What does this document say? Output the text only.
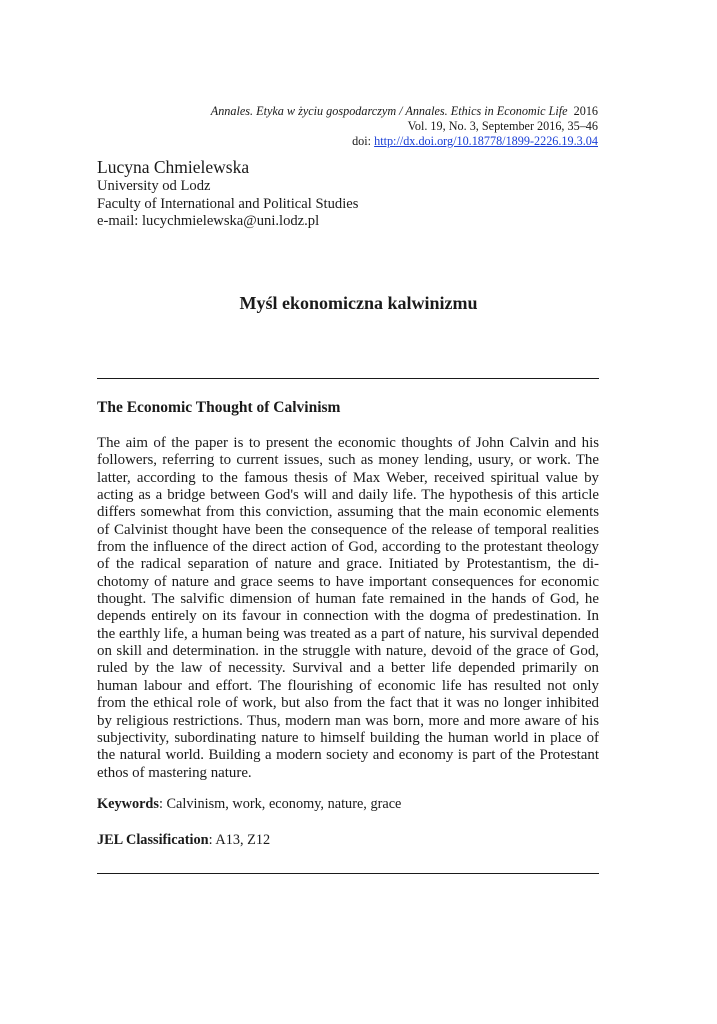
Annales. Etyka w życiu gospodarczym / Annales. Ethics in Economic Life 2016
Vol. 19, No. 3, September 2016, 35–46
doi: http://dx.doi.org/10.18778/1899-2226.19.3.04
Lucyna Chmielewska
University od Lodz
Faculty of International and Political Studies
e-mail: lucychmielewska@uni.lodz.pl
Myśl ekonomiczna kalwinizmu
The Economic Thought of Calvinism

The aim of the paper is to present the economic thoughts of John Calvin and his followers, referring to current issues, such as money lending, usury, or work. The latter, according to the famous thesis of Max Weber, received spiritual value by acting as a bridge between God's will and daily life. The hypothesis of this article differs somewhat from this conviction, assuming that the main economic elements of Calvinist thought have been the consequence of the release of temporal realities from the influence of the direct action of God, according to the protestant theology of the radical separation of nature and grace. Initiated by Protestantism, the dichotomy of nature and grace seems to have important consequences for economic thought. The salvific dimension of human fate remained in the hands of God, he depends entirely on its favour in connection with the dogma of predestination. In the earthly life, a human being was treated as a part of nature, his survival depended on skill and determination. in the struggle with nature, devoid of the grace of God, ruled by the law of necessity. Survival and a better life depended primarily on human labour and effort. The flourishing of economic life has resulted not only from the ethical role of work, but also from the fact that it was no longer inhibited by religious restrictions. Thus, modern man was born, more and more aware of his subjectivity, subordinating nature to himself building the human world in place of the natural world. Building a modern society and economy is part of the Protestant ethos of mastering nature.

Keywords: Calvinism, work, economy, nature, grace
JEL Classification: A13, Z12
